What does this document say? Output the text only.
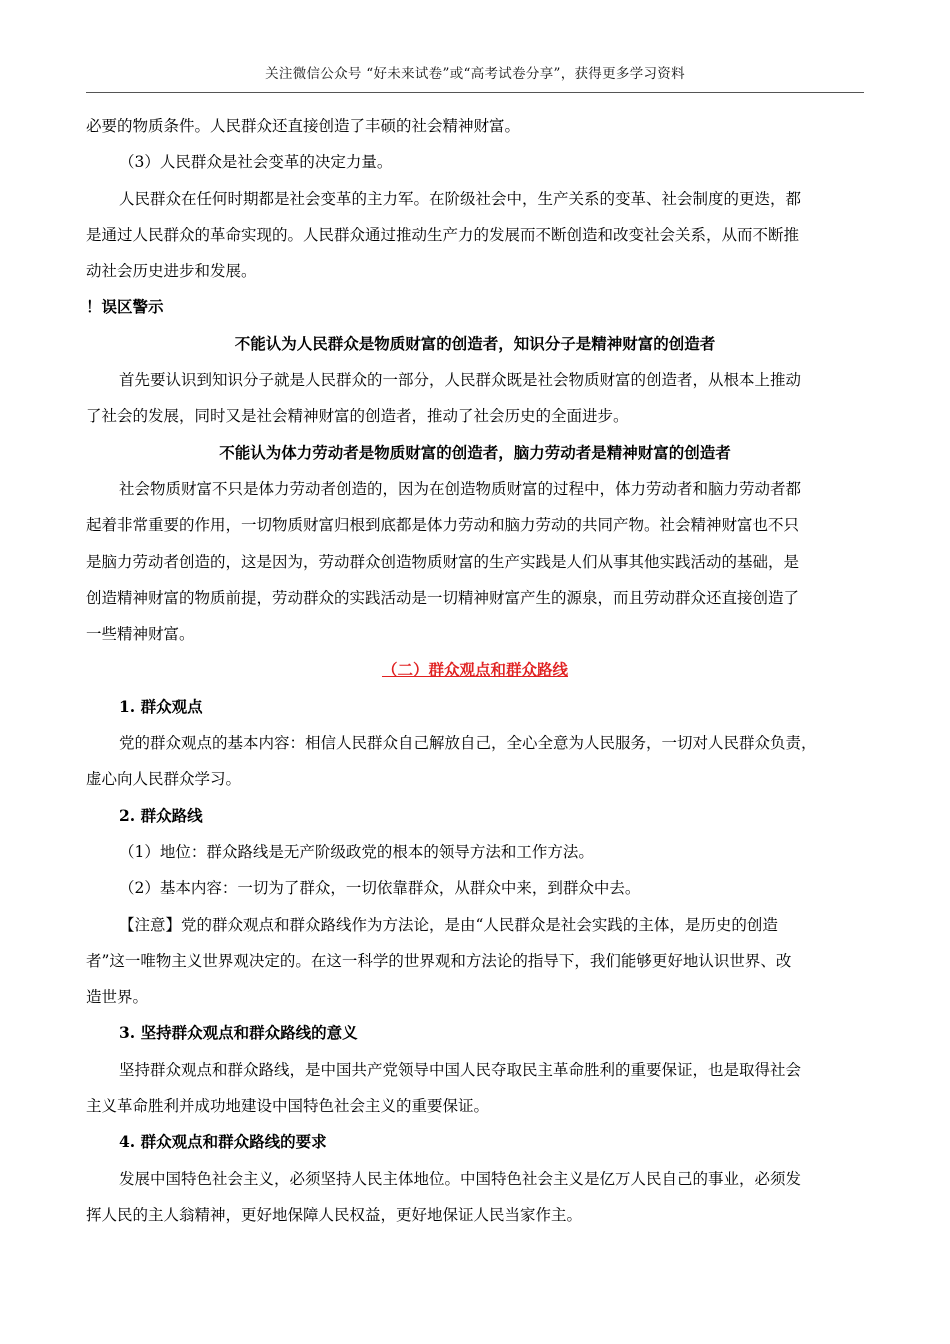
关注微信公众号 “好未来试卷”或“高考试卷分享”，获得更多学习资料
必要的物质条件。人民群众还直接创造了丰硕的社会精神财富。
（3）人民群众是社会变革的决定力量。
人民群众在任何时期都是社会变革的主力军。在阶级社会中，生产关系的变革、社会制度的更迭，都
是通过人民群众的革命实现的。人民群众通过推动生产力的发展而不断创造和改变社会关系，从而不断推
动社会历史进步和发展。
！误区警示
不能认为人民群众是物质财富的创造者，知识分子是精神财富的创造者
首先要认识到知识分子就是人民群众的一部分，人民群众既是社会物质财富的创造者，从根本上推动
了社会的发展，同时又是社会精神财富的创造者，推动了社会历史的全面进步。
不能认为体力劳动者是物质财富的创造者，脑力劳动者是精神财富的创造者
社会物质财富不只是体力劳动者创造的，因为在创造物质财富的过程中，体力劳动者和脑力劳动者都
起着非常重要的作用，一切物质财富归根到底都是体力劳动和脑力劳动的共同产物。社会精神财富也不只
是脑力劳动者创造的，这是因为，劳动群众创造物质财富的生产实践是人们从事其他实践活动的基础，是
创造精神财富的物质前提，劳动群众的实践活动是一切精神财富产生的源泉，而且劳动群众还直接创造了
一些精神财富。
（二）群众观点和群众路线
1. 群众观点
党的群众观点的基本内容：相信人民群众自己解放自己，全心全意为人民服务，一切对人民群众负责，
虚心向人民群众学习。
2. 群众路线
（1）地位：群众路线是无产阶级政党的根本的领导方法和工作方法。
（2）基本内容：一切为了群众，一切依靠群众，从群众中来，到群众中去。
【注意】党的群众观点和群众路线作为方法论，是由“人民群众是社会实践的主体，是历史的创造
者”这一唯物主义世界观决定的。在这一科学的世界观和方法论的指导下，我们能够更好地认识世界、改
造世界。
3. 坚持群众观点和群众路线的意义
坚持群众观点和群众路线，是中国共产党领导中国人民夺取民主革命胜利的重要保证，也是取得社会
主义革命胜利并成功地建设中国特色社会主义的重要保证。
4. 群众观点和群众路线的要求
发展中国特色社会主义，必须坚持人民主体地位。中国特色社会主义是亿万人民自己的事业，必须发
挥人民的主人翁精神，更好地保障人民权益，更好地保证人民当家作主。
